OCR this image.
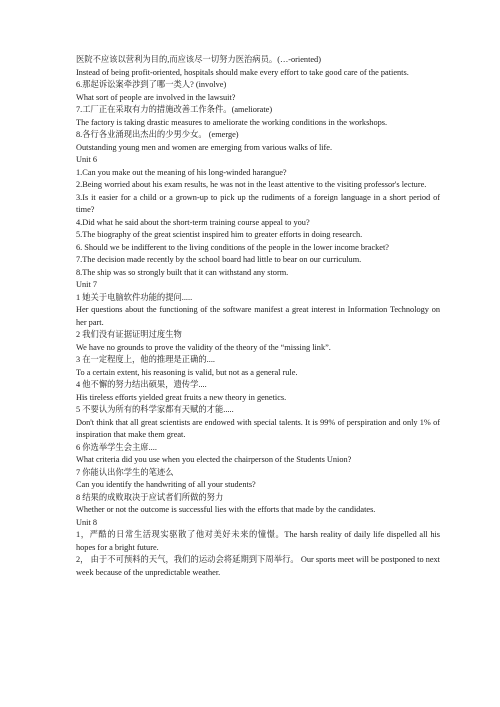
医院不应该以营利为目的,而应该尽一切努力医治病员。(…-oriented)
Instead of being profit-oriented, hospitals should make every effort to take good care of the patients.
6.那起诉讼案牵涉到了哪一类人? (involve)
What sort of people are involved in the lawsuit?
7.工厂正在采取有力的措施改善工作条件。(ameliorate)
The factory is taking drastic measures to ameliorate the working conditions in the workshops.
8.各行各业涌现出杰出的少男少女。 (emerge)
Outstanding young men and women are emerging from various walks of life.
Unit 6
1.Can you make out the meaning of his long-winded harangue?
2.Being worried about his exam results, he was not in the least attentive to the visiting professor's lecture.
3.Is it easier for a child or a grown-up to pick up the rudiments of a foreign language in a short period of time?
4.Did what he said about the short-term training course appeal to you?
5.The biography of the great scientist inspired him to greater efforts in doing research.
6. Should we be indifferent to the living conditions of the people in the lower income bracket?
7.The decision made recently by the school board had little to bear on our curriculum.
8.The ship was so strongly built that it can withstand any storm.
Unit 7
1 她关于电脑软件功能的提问.....
Her questions about the functioning of the software manifest a great interest in Information Technology on her part.
2 我们没有证据证明过度生物
We have no grounds to prove the validity of the theory of the “missing link”.
3 在一定程度上，他的推理是正确的....
To a certain extent, his reasoning is valid, but not as a general rule.
4 他不懈的努力结出硕果，遗传学....
His tireless efforts yielded great fruits a new theory in genetics.
5 不要认为所有的科学家都有天赋的才能.....
Don't think that all great scientists are endowed with special talents. It is 99% of perspiration and only 1% of inspiration that make them great.
6 你选举学生会主席....
What criteria did you use when you elected the chairperson of the Students Union?
7 你能认出你学生的笔迹么
Can you identify the handwriting of all your students?
8 结果的成败取决于应试者们所做的努力
Whether or not the outcome is successful lies with the efforts that made by the candidates.
Unit 8
1，严酷的日常生活现实驱散了他对美好未来的憧憬。The harsh reality of daily life dispelled all his hopes for a bright future.
2， 由于不可预料的天气，我们的运动会将延期到下周举行。 Our sports meet will be postponed to next week because of the unpredictable weather.
